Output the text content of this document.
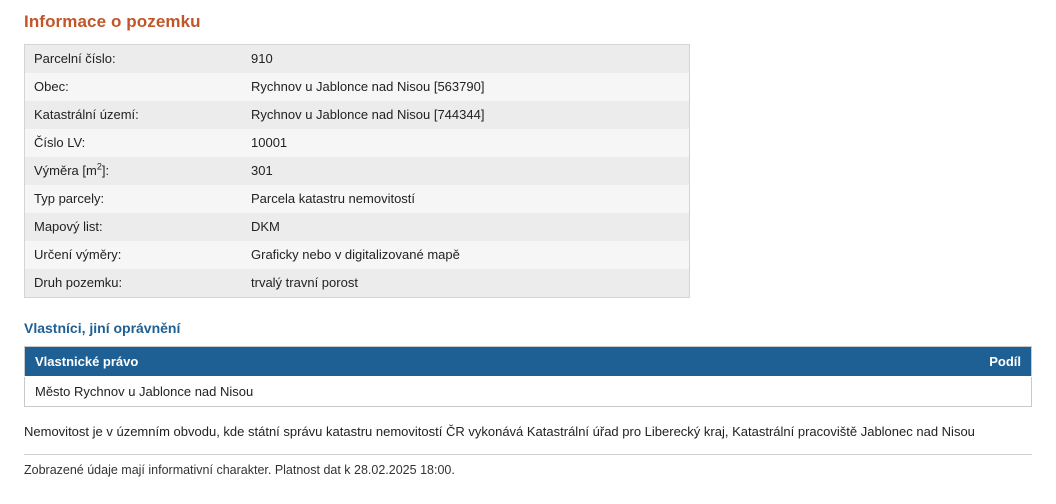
Informace o pozemku
Parcelní číslo:	910
Obec:	Rychnov u Jablonce nad Nisou [563790]
Katastrální území:	Rychnov u Jablonce nad Nisou [744344]
Číslo LV:	10001
Výměra $[m^2]$:	301
Typ parcely:	Parcela katastru nemovitostí
Mapový list:	DKM
Určení výměry:	Graficky nebo v digitalizované mapě
Druh pozemku:	trvalý travní porost
Vlastníci, jiní oprávnění
Vlastnické právo	Podíl
Město Rychnov u Jablonce nad Nisou	

Nemovitost je v územním obvodu, kde státní správu katastru nemovitostí ČR vykonává Katastrální úřad pro Liberecký kraj, Katastrální pracoviště Jablonec nad Nisou

Zobrazené údaje mají informativní charakter. Platnost dat k 28.02.2025 18:00.
